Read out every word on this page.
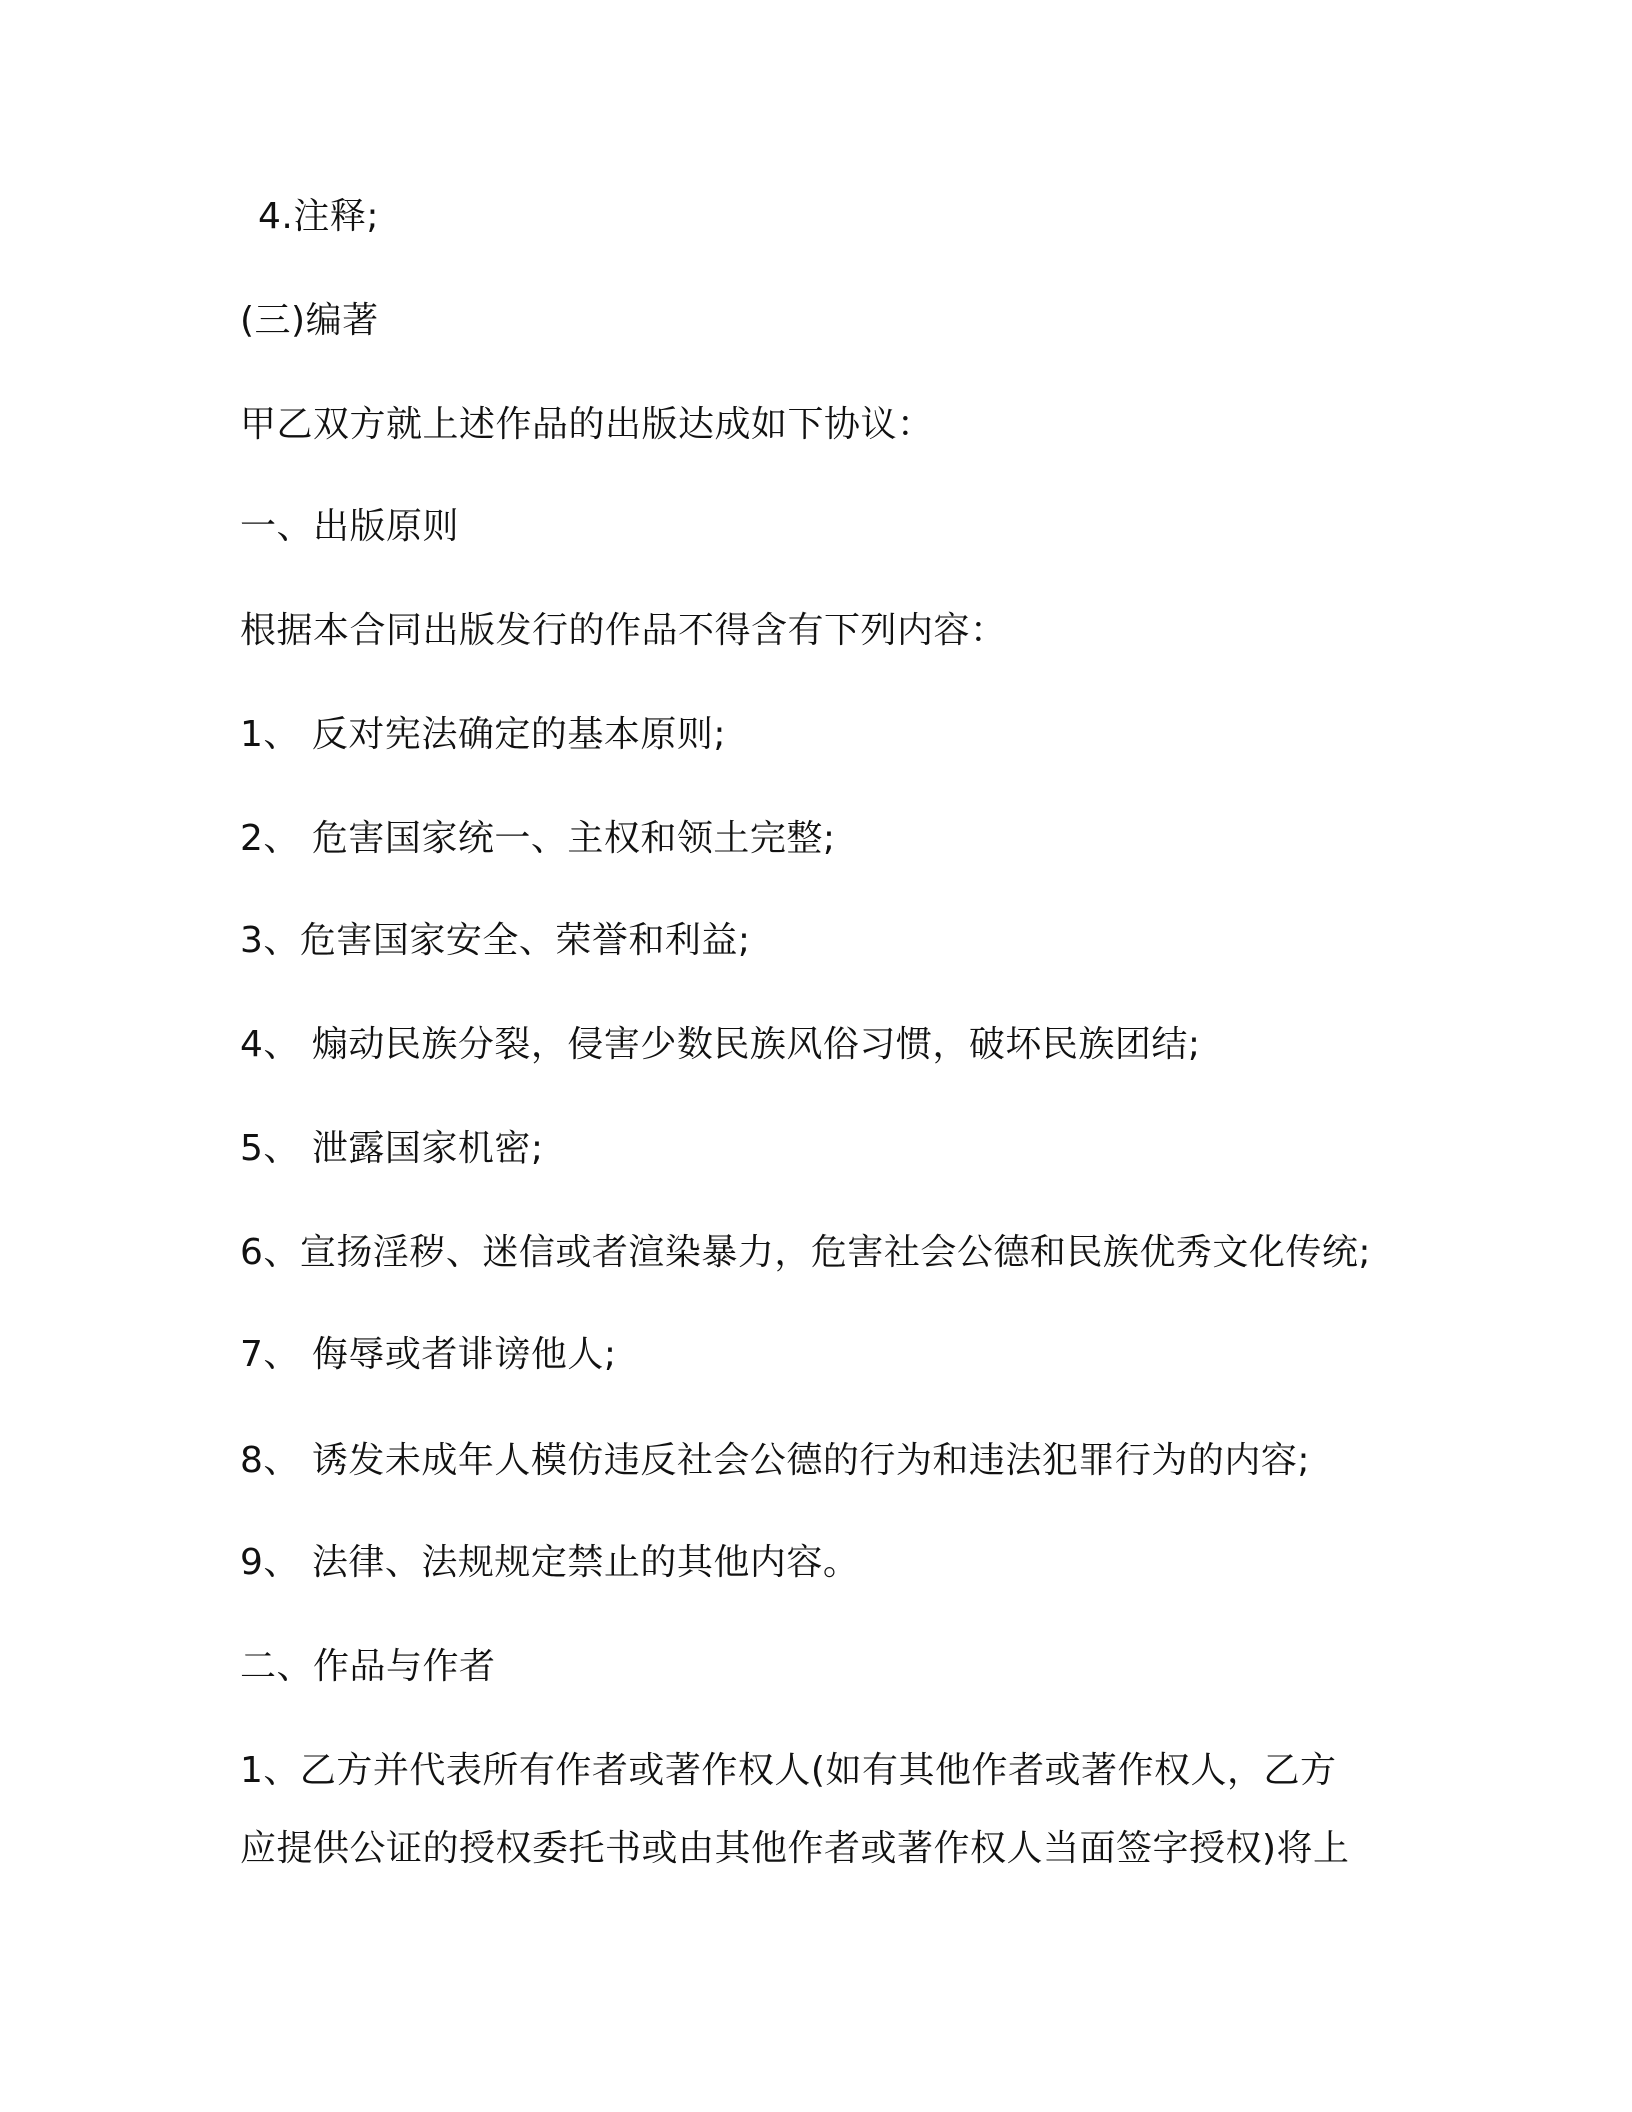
4.注释;
(三)编著
甲乙双方就上述作品的出版达成如下协议：
一、出版原则
根据本合同出版发行的作品不得含有下列内容：
1、 反对宪法确定的基本原则;
2、 危害国家统一、主权和领土完整;
3、危害国家安全、荣誉和利益;
4、 煽动民族分裂，侵害少数民族风俗习惯，破坏民族团结;
5、 泄露国家机密;
6、宣扬淫秽、迷信或者渲染暴力，危害社会公德和民族优秀文化传统;
7、 侮辱或者诽谤他人;
8、 诱发未成年人模仿违反社会公德的行为和违法犯罪行为的内容;
9、 法律、法规规定禁止的其他内容。
二、作品与作者
1、乙方并代表所有作者或著作权人(如有其他作者或著作权人，乙方
应提供公证的授权委托书或由其他作者或著作权人当面签字授权)将上
